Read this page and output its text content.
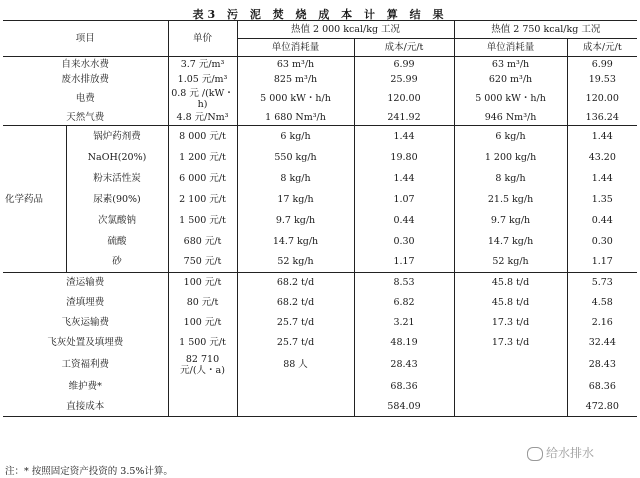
表3 污 泥 焚 烧 成 本 计 算 结 果
项目		单价	热值 2 000 kcal/kg 工况		热值 2 750 kcal/kg 工况	
			单位消耗量	成本/元/t	单位消耗量	成本/元/t
自来水水费		3.7 元/m³	63 m³/h	6.99	63 m³/h	6.99
废水排放费		1.05 元/m³	825 m³/h	25.99	620 m³/h	19.53
电费		0.8 元 /(kW・h)	5 000 kW・h/h	120.00	5 000 kW・h/h	120.00
天然气费		4.8 元/Nm³	1 680 Nm³/h	241.92	946 Nm³/h	136.24
化学药品	锅炉药剂费	8 000 元/t	6 kg/h	1.44	6 kg/h	1.44
	NaOH(20%)	1 200 元/t	550 kg/h	19.80	1 200 kg/h	43.20
	粉末活性炭	6 000 元/t	8 kg/h	1.44	8 kg/h	1.44
	尿素(90%)	2 100 元/t	17 kg/h	1.07	21.5 kg/h	1.35
	次氯酸钠	1 500 元/t	9.7 kg/h	0.44	9.7 kg/h	0.44
	硫酸	680 元/t	14.7 kg/h	0.30	14.7 kg/h	0.30
	砂	750 元/t	52 kg/h	1.17	52 kg/h	1.17
渣运输费		100 元/t	68.2 t/d	8.53	45.8 t/d	5.73
渣填埋费		80 元/t	68.2 t/d	6.82	45.8 t/d	4.58
飞灰运输费		100 元/t	25.7 t/d	3.21	17.3 t/d	2.16
飞灰处置及填埋费		1 500 元/t	25.7 t/d	48.19	17.3 t/d	32.44
工资福利费		82 710 元/(人・a)	88 人	28.43		28.43
维护费*				68.36		68.36
直接成本				584.09		472.80
给水排水
注：* 按照固定资产投资的 3.5%计算。
